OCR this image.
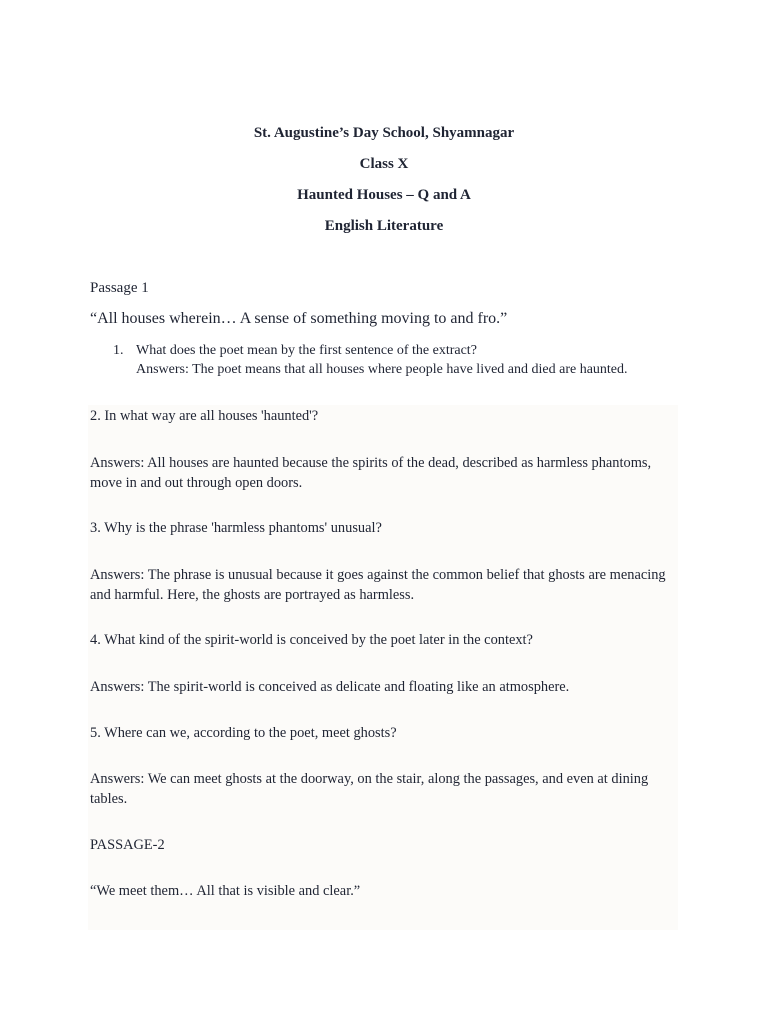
St. Augustine’s Day School, Shyamnagar
Class X
Haunted Houses – Q and A
English Literature
Passage 1
“All houses wherein… A sense of something moving to and fro.”
1. What does the poet mean by the first sentence of the extract?
Answers: The poet means that all houses where people have lived and died are haunted.
2. In what way are all houses 'haunted'?
Answers: All houses are haunted because the spirits of the dead, described as harmless phantoms, move in and out through open doors.
3. Why is the phrase 'harmless phantoms' unusual?
Answers: The phrase is unusual because it goes against the common belief that ghosts are menacing and harmful. Here, the ghosts are portrayed as harmless.
4. What kind of the spirit-world is conceived by the poet later in the context?
Answers: The spirit-world is conceived as delicate and floating like an atmosphere.
5. Where can we, according to the poet, meet ghosts?
Answers: We can meet ghosts at the doorway, on the stair, along the passages, and even at dining tables.
PASSAGE-2
“We meet them… All that is visible and clear.”
